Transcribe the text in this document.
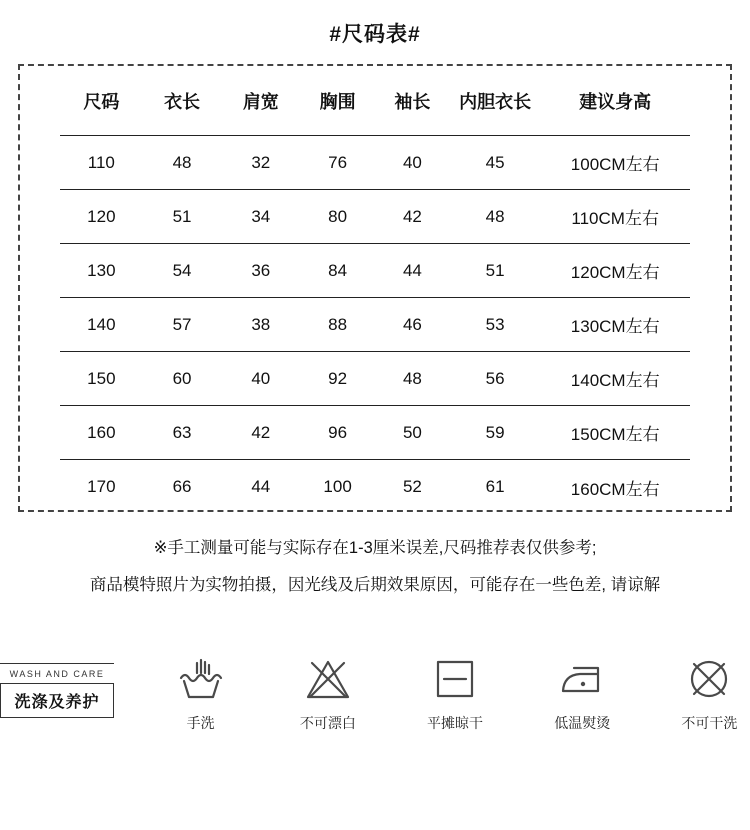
#尺码表#
尺码	衣长	肩宽	胸围	袖长	内胆衣长	建议身高
110	48	32	76	40	45	100CM左右
120	51	34	80	42	48	110CM左右
130	54	36	84	44	51	120CM左右
140	57	38	88	46	53	130CM左右
150	60	40	92	48	56	140CM左右
160	63	42	96	50	59	150CM左右
170	66	44	100	52	61	160CM左右
※手工测量可能与实际存在1-3厘米误差,尺码推荐表仅供参考;
商品模特照片为实物拍摄，因光线及后期效果原因，可能存在一些色差, 请谅解
WASH AND CARE
洗涤及养护
手洗	不可漂白	平摊晾干	低温熨烫	不可干洗
